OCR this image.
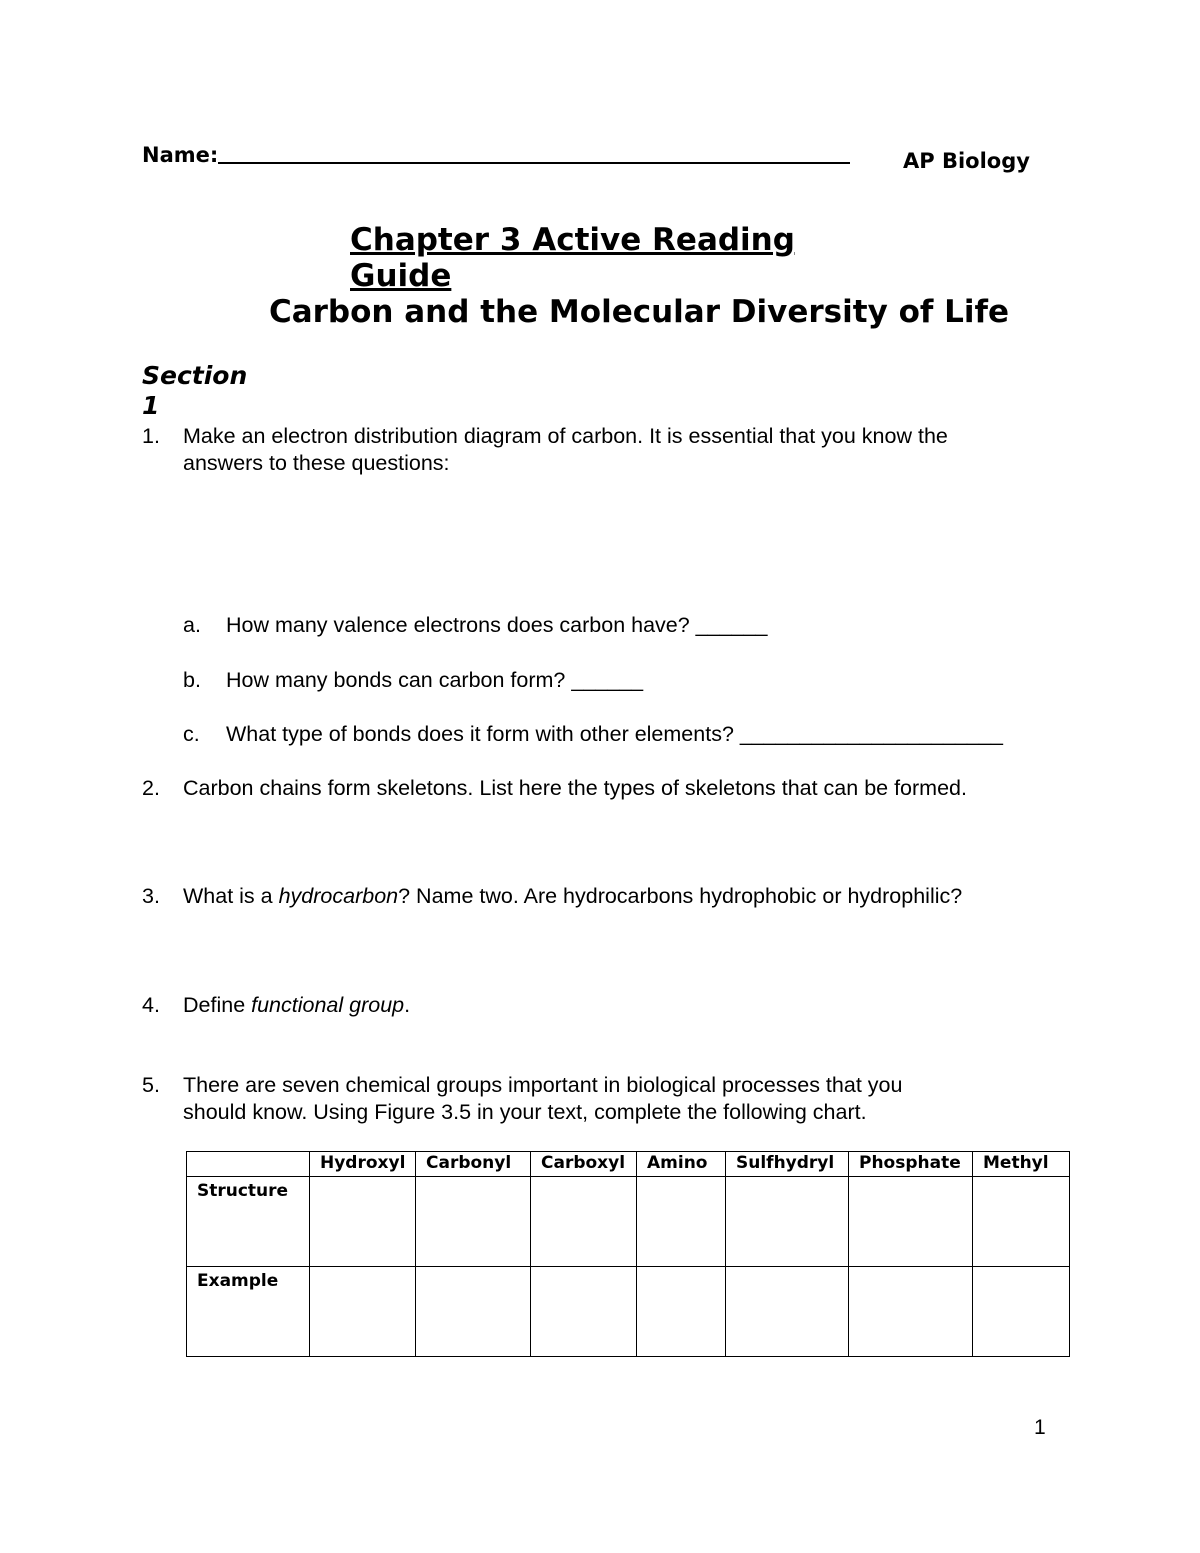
Name:	AP Biology
Chapter 3 Active Reading
Guide
Carbon and the Molecular Diversity of Life
Section
1
1. Make an electron distribution diagram of carbon. It is essential that you know the
answers to these questions:
a. How many valence electrons does carbon have? ______
b. How many bonds can carbon form? ______
c. What type of bonds does it form with other elements? ______________________
2. Carbon chains form skeletons. List here the types of skeletons that can be formed.
3. What is a hydrocarbon? Name two. Are hydrocarbons hydrophobic or hydrophilic?
4. Define functional group.
5. There are seven chemical groups important in biological processes that you
should know. Using Figure 3.5 in your text, complete the following chart.
	Hydroxyl	Carbonyl	Carboxyl	Amino	Sulfhydryl	Phosphate	Methyl
Structure							
Example							
1
